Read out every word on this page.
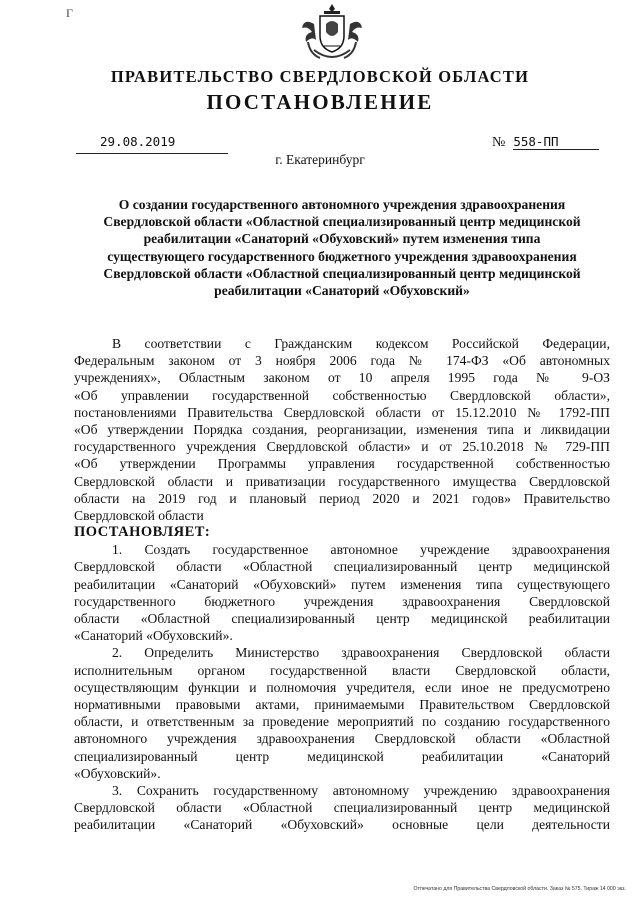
Г
ПРАВИТЕЛЬСТВО СВЕРДЛОВСКОЙ ОБЛАСТИ
ПОСТАНОВЛЕНИЕ
29.08.2019	№ 558-ПП
г. Екатеринбург
О создании государственного автономного учреждения здравоохранения
Свердловской области «Областной специализированный центр медицинской
реабилитации «Санаторий «Обуховский» путем изменения типа
существующего государственного бюджетного учреждения здравоохранения
Свердловской области «Областной специализированный центр медицинской
реабилитации «Санаторий «Обуховский»
В соответствии с Гражданским кодексом Российской Федерации,
Федеральным законом от 3 ноября 2006 года № 174-ФЗ «Об автономных
учреждениях», Областным законом от 10 апреля 1995 года № 9-ОЗ
«Об управлении государственной собственностью Свердловской области»,
постановлениями Правительства Свердловской области от 15.12.2010 № 1792-ПП
«Об утверждении Порядка создания, реорганизации, изменения типа и ликвидации
государственного учреждения Свердловской области» и от 25.10.2018 № 729-ПП
«Об утверждении Программы управления государственной собственностью
Свердловской области и приватизации государственного имущества Свердловской
области на 2019 год и плановый период 2020 и 2021 годов» Правительство
Свердловской области
ПОСТАНОВЛЯЕТ:
1. Создать государственное автономное учреждение здравоохранения
Свердловской области «Областной специализированный центр медицинской
реабилитации «Санаторий «Обуховский» путем изменения типа существующего
государственного бюджетного учреждения здравоохранения Свердловской
области «Областной специализированный центр медицинской реабилитации
«Санаторий «Обуховский».
2. Определить Министерство здравоохранения Свердловской области
исполнительным органом государственной власти Свердловской области,
осуществляющим функции и полномочия учредителя, если иное не предусмотрено
нормативными правовыми актами, принимаемыми Правительством Свердловской
области, и ответственным за проведение мероприятий по созданию государственного
автономного учреждения здравоохранения Свердловской области «Областной
специализированный центр медицинской реабилитации «Санаторий
«Обуховский».
3. Сохранить государственному автономному учреждению здравоохранения
Свердловской области «Областной специализированный центр медицинской
реабилитации «Санаторий «Обуховский» основные цели деятельности
Отпечатано для Правительства Свердловской области. Заказ № 575. Тираж 14 000 экз.
